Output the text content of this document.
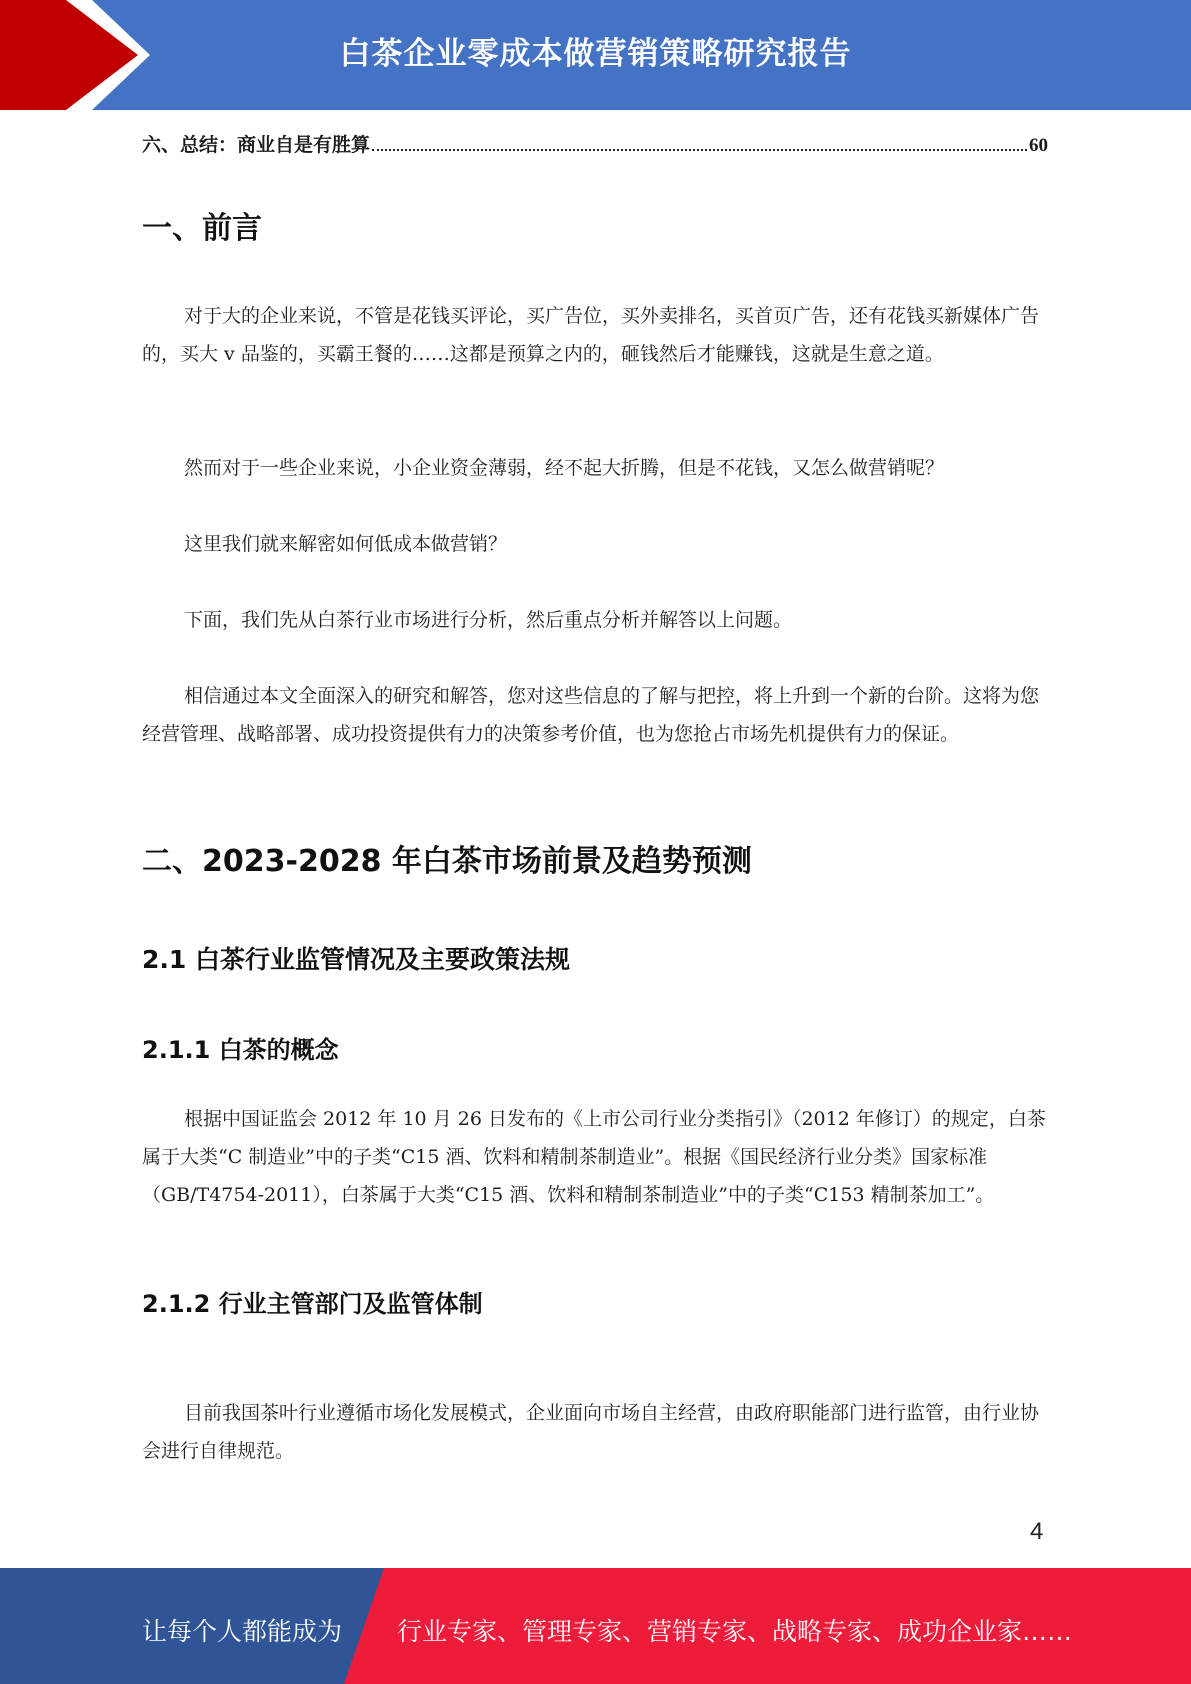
白茶企业零成本做营销策略研究报告
六、总结：商业自是有胜算	60
一、前言

对于大的企业来说，不管是花钱买评论，买广告位，买外卖排名，买首页广告，还有花钱买新媒体广告的，买大 v 品鉴的，买霸王餐的……这都是预算之内的，砸钱然后才能赚钱，这就是生意之道。

然而对于一些企业来说，小企业资金薄弱，经不起大折腾，但是不花钱，又怎么做营销呢？

这里我们就来解密如何低成本做营销？

下面，我们先从白茶行业市场进行分析，然后重点分析并解答以上问题。

相信通过本文全面深入的研究和解答，您对这些信息的了解与把控，将上升到一个新的台阶。这将为您经营管理、战略部署、成功投资提供有力的决策参考价值，也为您抢占市场先机提供有力的保证。

二、2023-2028 年白茶市场前景及趋势预测
2.1 白茶行业监管情况及主要政策法规
2.1.1 白茶的概念

根据中国证监会 2012 年 10 月 26 日发布的《上市公司行业分类指引》（2012 年修订）的规定，白茶属于大类“C 制造业”中的子类“C15 酒、饮料和精制茶制造业”。根据《国民经济行业分类》国家标准（GB/T4754-2011），白茶属于大类“C15 酒、饮料和精制茶制造业”中的子类“C153 精制茶加工”。

2.1.2 行业主管部门及监管体制

目前我国茶叶行业遵循市场化发展模式，企业面向市场自主经营，由政府职能部门进行监管，由行业协会进行自律规范。

4
让每个人都能成为 行业专家、管理专家、营销专家、战略专家、成功企业家……
